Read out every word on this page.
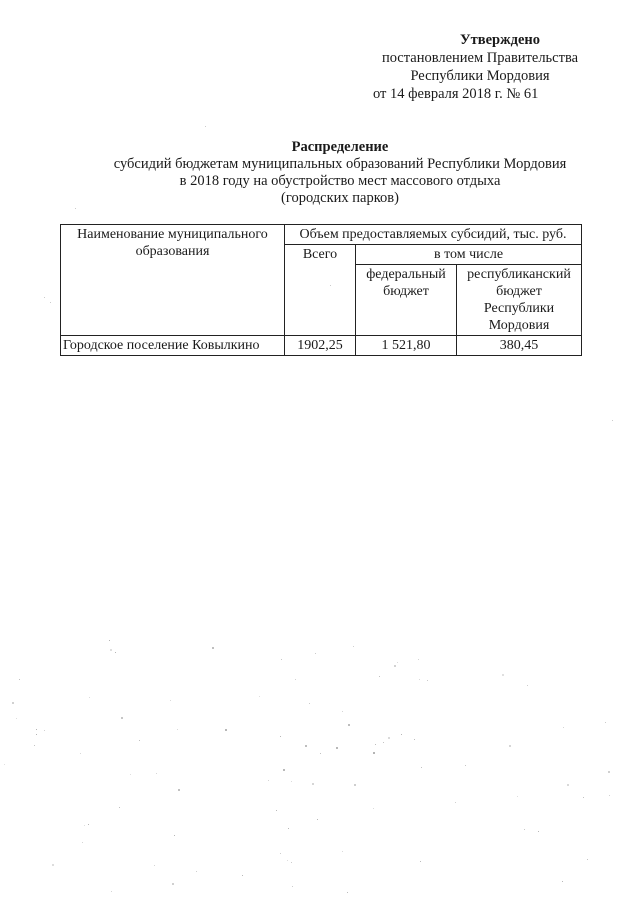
Утверждено
постановлением Правительства
Республики Мордовия
от 14 февраля 2018 г. № 61
Распределение
субсидий бюджетам муниципальных образований Республики Мордовия
в 2018 году на обустройство мест массового отдыха
(городских парков)
Наименование муниципального образования	Объем предоставляемых субсидий, тыс. руб.		
	Всего	в том числе	
		федеральный бюджет	республиканский бюджет Республики Мордовия
Городское поселение Ковылкино	1902,25	1 521,80	380,45
